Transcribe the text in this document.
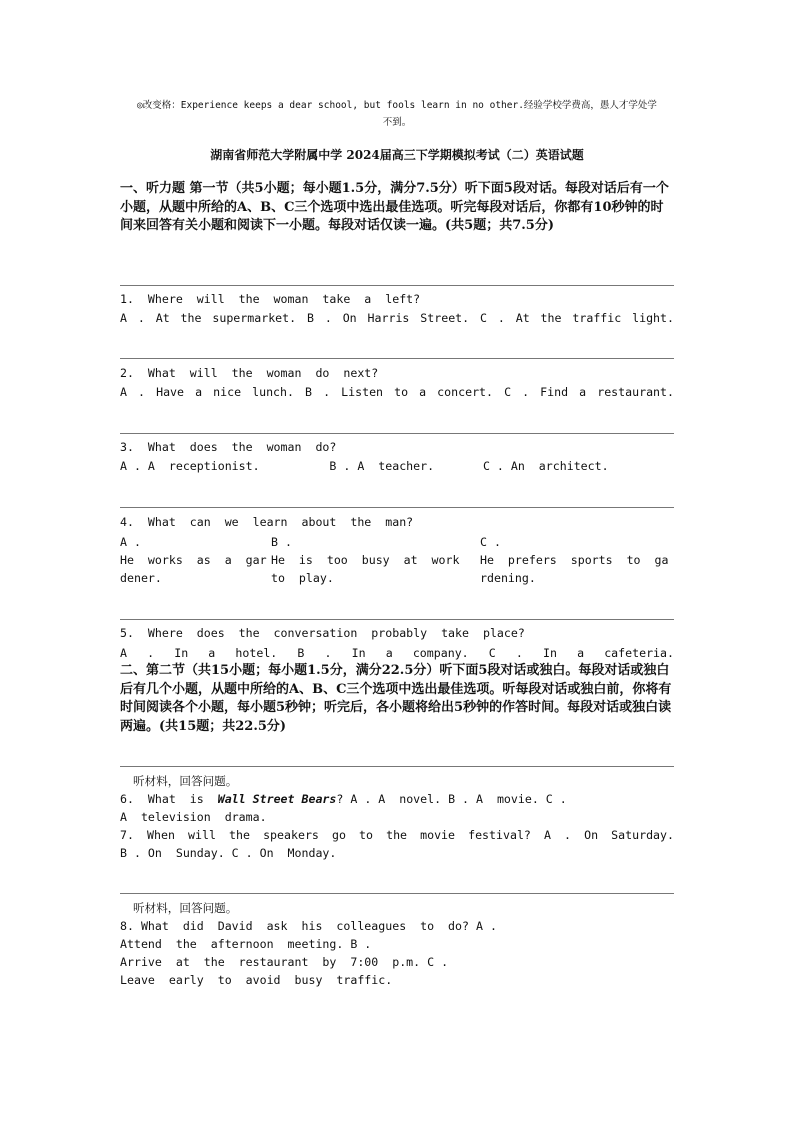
◎改变格：Experience keeps a dear school, but fools learn in no other.经验学校学费高，愚人才学处学
不到。
湖南省师范大学附属中学 2024届高三下学期模拟考试（二）英语试题
一、听力题 第一节（共5小题；每小题1.5分，满分7.5分）听下面5段对话。每段对话后有一个小题，从题中所给的A、B、C三个选项中选出最佳选项。听完每段对话后，你都有10秒钟的时间来回答有关小题和阅读下一小题。每段对话仅读一遍。(共5题；共7.5分)
1.  Where  will  the  woman  take  a  left?
A . At the supermarket. B . On Harris Street. C . At the traffic light.
2.  What  will  the  woman  do  next?
A . Have a nice lunch. B . Listen to a concert. C . Find a restaurant.
3.  What  does  the  woman  do?
A . A  receptionist.          B . A  teacher.       C . An  architect.
4.  What  can  we  learn  about  the  man?
A .	B .	C .
He  works  as  a  gar
dener.
He  is  too  busy  at  work
to  play.
He  prefers  sports  to  ga
rdening.
5.  Where  does  the  conversation  probably  take  place?
A . In a hotel. B . In a company. C . In a cafeteria.
二、第二节（共15小题；每小题1.5分，满分22.5分）听下面5段对话或独白。每段对话或独白后有几个小题，从题中所给的A、B、C三个选项中选出最佳选项。听每段对话或独白前，你将有时间阅读各个小题，每小题5秒钟；听完后，各小题将给出5秒钟的作答时间。每段对话或独白读两遍。(共15题；共22.5分)
听材料，回答问题。
6.  What  is  Wall Street Bears? A . A  novel. B . A  movie. C .
A  television  drama.
7. When will the speakers go to the movie festival? A . On Saturday.
B . On  Sunday. C . On  Monday.
听材料，回答问题。
8. What  did  David  ask  his  colleagues  to  do? A .
Attend  the  afternoon  meeting. B .
Arrive  at  the  restaurant  by  7:00  p.m. C .
Leave  early  to  avoid  busy  traffic.
